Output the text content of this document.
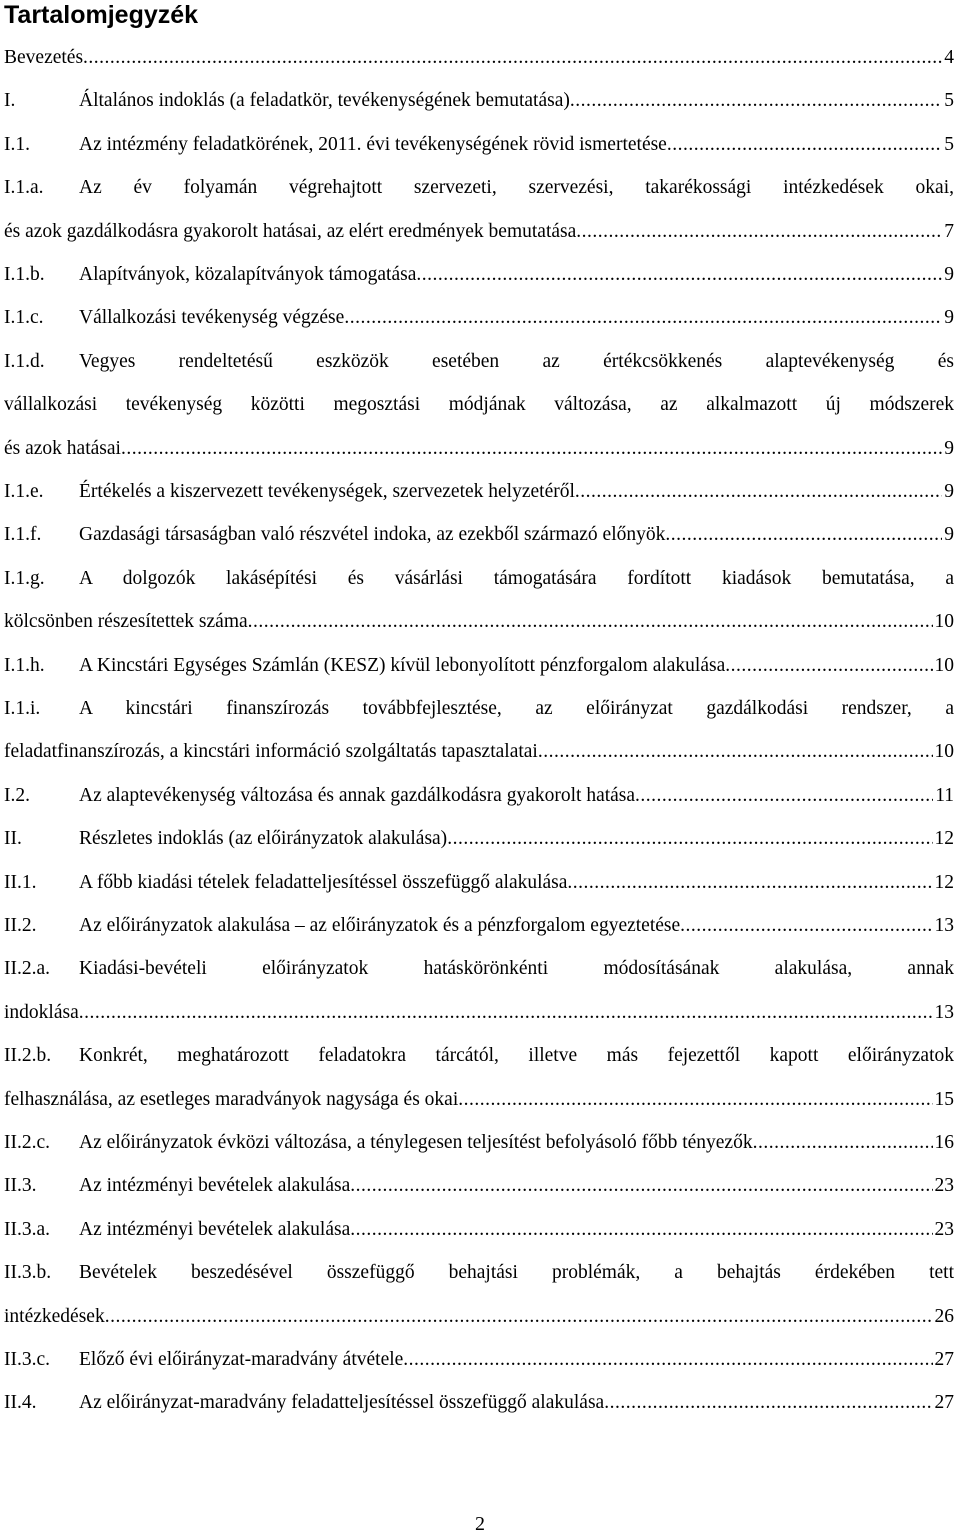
Tartalomjegyzék
Bevezetés .....	4
I.	Általános indoklás (a feladatkör, tevékenységének bemutatása) .....	5
I.1.	Az intézmény feladatkörének, 2011. évi tevékenységének rövid ismertetése .....	5
I.1.a. Az év folyamán végrehajtott szervezeti, szervezési, takarékossági intézkedések okai,
és azok gazdálkodásra gyakorolt hatásai, az elért eredmények bemutatása .....	7
I.1.b. Alapítványok, közalapítványok támogatása .....	9
I.1.c. Vállalkozási tevékenység végzése .....	9
I.1.d. Vegyes rendeltetésű eszközök esetében az értékcsökkenés alaptevékenység és
vállalkozási tevékenység közötti megosztási módjának változása, az alkalmazott új módszerek
és azok hatásai .....	9
I.1.e. Értékelés a kiszervezett tevékenységek, szervezetek helyzetéről .....	9
I.1.f. Gazdasági társaságban való részvétel indoka, az ezekből származó előnyök .....	9
I.1.g. A dolgozók lakásépítési és vásárlási támogatására fordított kiadások bemutatása, a
kölcsönben részesítettek száma .....	10
I.1.h. A Kincstári Egységes Számlán (KESZ) kívül lebonyolított pénzforgalom alakulása .....	10
I.1.i. A kincstári finanszírozás továbbfejlesztése, az előirányzat gazdálkodási rendszer, a
feladatfinanszírozás, a kincstári információ szolgáltatás tapasztalatai .....	10
I.2.	Az alaptevékenység változása és annak gazdálkodásra gyakorolt hatása .....	11
II.	Részletes indoklás (az előirányzatok alakulása) .....	12
II.1. A főbb kiadási tételek feladatteljesítéssel összefüggő alakulása .....	12
II.2. Az előirányzatok alakulása – az előirányzatok és a pénzforgalom egyeztetése .....	13
II.2.a. Kiadási-bevételi előirányzatok hatáskörönkénti módosításának alakulása, annak
indoklása .....	13
II.2.b. Konkrét, meghatározott feladatokra tárcától, illetve más fejezettől kapott előirányzatok
felhasználása, az esetleges maradványok nagysága és okai .....	15
II.2.c. Az előirányzatok évközi változása, a ténylegesen teljesítést befolyásoló főbb tényezők .....	16
II.3. Az intézményi bevételek alakulása .....	23
II.3.a. Az intézményi bevételek alakulása .....	23
II.3.b. Bevételek beszedésével összefüggő behajtási problémák, a behajtás érdekében tett
intézkedések .....	26
II.3.c. Előző évi előirányzat-maradvány átvétele .....	27
II.4. Az előirányzat-maradvány feladatteljesítéssel összefüggő alakulása .....	27
2
